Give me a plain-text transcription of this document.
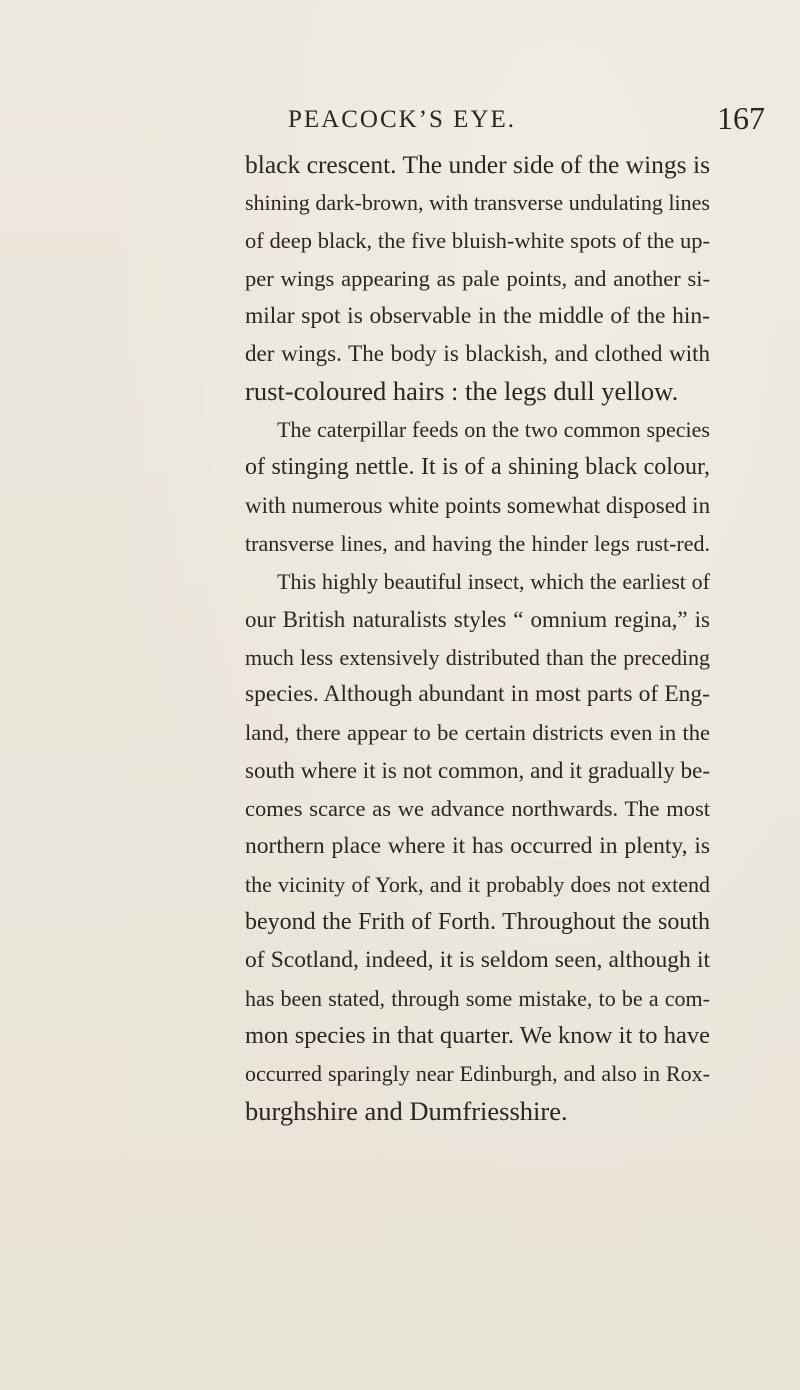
PEACOCK’S EYE.	167
black crescent. The under side of the wings is
shining dark-brown, with transverse undulating lines
of deep black, the five bluish-white spots of the up-
per wings appearing as pale points, and another si-
milar spot is observable in the middle of the hin-
der wings. The body is blackish, and clothed with
rust-coloured hairs : the legs dull yellow.
The caterpillar feeds on the two common species
of stinging nettle. It is of a shining black colour,
with numerous white points somewhat disposed in
transverse lines, and having the hinder legs rust-red.
This highly beautiful insect, which the earliest of
our British naturalists styles “ omnium regina,” is
much less extensively distributed than the preceding
species. Although abundant in most parts of Eng-
land, there appear to be certain districts even in the
south where it is not common, and it gradually be-
comes scarce as we advance northwards. The most
northern place where it has occurred in plenty, is
the vicinity of York, and it probably does not extend
beyond the Frith of Forth. Throughout the south
of Scotland, indeed, it is seldom seen, although it
has been stated, through some mistake, to be a com-
mon species in that quarter. We know it to have
occurred sparingly near Edinburgh, and also in Rox-
burghshire and Dumfriesshire.
